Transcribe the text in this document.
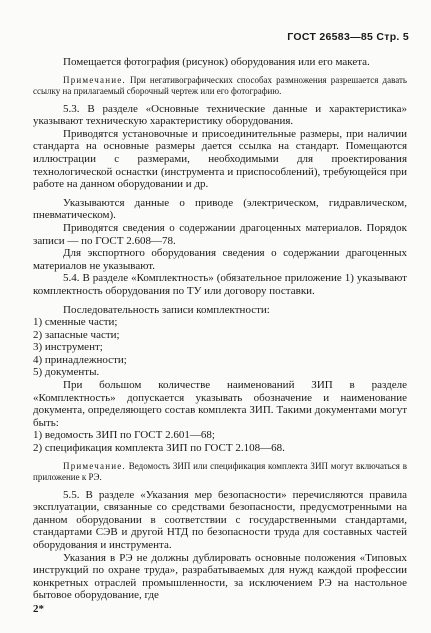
ГОСТ 26583—85 Стр. 5

Помещается фотография (рисунок) оборудования или его макета.

Примечание. При негативографических способах размножения разрешается давать ссылку на прилагаемый сборочный чертеж или его фотографию.

5.3. В разделе «Основные технические данные и характеристика» указывают техническую характеристику оборудования.

Приводятся установочные и присоединительные размеры, при наличии стандарта на основные размеры дается ссылка на стандарт. Помещаются иллюстрации с размерами, необходимыми для проектирования технологической оснастки (инструмента и приспособлений), требующейся при работе на данном оборудовании и др.

Указываются данные о приводе (электрическом, гидравлическом, пневматическом).

Приводятся сведения о содержании драгоценных материалов. Порядок записи — по ГОСТ 2.608—78.

Для экспортного оборудования сведения о содержании драгоценных материалов не указывают.

5.4. В разделе «Комплектность» (обязательное приложение 1) указывают комплектность оборудования по ТУ или договору поставки.

Последовательность записи комплектности:

1) сменные части;

2) запасные части;

3) инструмент;

4) принадлежности;

5) документы.

При большом количестве наименований ЗИП в разделе «Комплектность» допускается указывать обозначение и наименование документа, определяющего состав комплекта ЗИП. Такими документами могут быть:

1) ведомость ЗИП по ГОСТ 2.601—68;

2) спецификация комплекта ЗИП по ГОСТ 2.108—68.

Примечание. Ведомость ЗИП или спецификация комплекта ЗИП могут включаться в приложение к РЭ.

5.5. В разделе «Указания мер безопасности» перечисляются правила эксплуатации, связанные со средствами безопасности, предусмотренными на данном оборудовании в соответствии с государственными стандартами, стандартами СЭВ и другой НТД по безопасности труда для составных частей оборудования и инструмента.

Указания в РЭ не должны дублировать основные положения «Типовых инструкций по охране труда», разрабатываемых для нужд каждой профессии конкретных отраслей промышленности, за исключением РЭ на настольное бытовое оборудование, где

2*
